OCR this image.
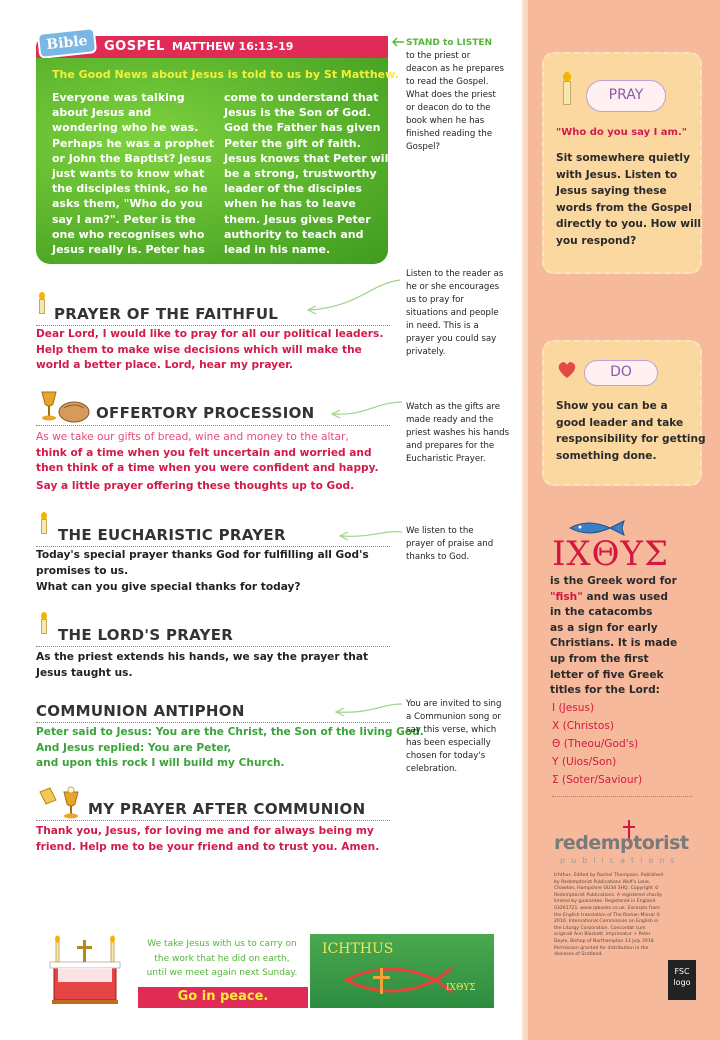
Bible	GOSPEL MATTHEW 16:13-19
The Good News about Jesus is told to us by St Matthew.
Everyone was talking
about Jesus and
wondering who he was.
Perhaps he was a prophet
or John the Baptist? Jesus
just wants to know what
the disciples think, so he
asks them, "Who do you
say I am?". Peter is the
one who recognises who
Jesus really is. Peter has
come to understand that
Jesus is the Son of God.
God the Father has given
Peter the gift of faith.
Jesus knows that Peter will
be a strong, trustworthy
leader of the disciples
when he has to leave
them. Jesus gives Peter
authority to teach and
lead in his name.
STAND to LISTEN
to the priest or
deacon as he prepares
to read the Gospel.
What does the priest
or deacon do to the
book when he has
finished reading the
Gospel?
PRAYER OF THE FAITHFUL
Dear Lord, I would like to pray for all our political leaders.
Help them to make wise decisions which will make the
world a better place. Lord, hear my prayer.
Listen to the reader as
he or she encourages
us to pray for
situations and people
in need. This is a
prayer you could say
privately.
OFFERTORY PROCESSION
As we take our gifts of bread, wine and money to the altar,
think of a time when you felt uncertain and worried and
then think of a time when you were confident and happy.
Say a little prayer offering these thoughts up to God.
Watch as the gifts are
made ready and the
priest washes his hands
and prepares for the
Eucharistic Prayer.
THE EUCHARISTIC PRAYER
Today's special prayer thanks God for fulfilling all God's
promises to us.
What can you give special thanks for today?
We listen to the
prayer of praise and
thanks to God.
THE LORD'S PRAYER
As the priest extends his hands, we say the prayer that
Jesus taught us.
COMMUNION ANTIPHON
Peter said to Jesus: You are the Christ, the Son of the living God.
And Jesus replied: You are Peter,
and upon this rock I will build my Church.
You are invited to sing
a Communion song or
say this verse, which
has been especially
chosen for today's
celebration.
MY PRAYER AFTER COMMUNION
Thank you, Jesus, for loving me and for always being my
friend. Help me to be your friend and to trust you. Amen.
PRAY
"Who do you say I am."
Sit somewhere quietly
with Jesus. Listen to
Jesus saying these
words from the Gospel
directly to you. How will
you respond?
DO
Show you can be a
good leader and take
responsibility for getting
something done.
ΙΧΘΥΣ
is the Greek word for
"fish" and was used
in the catacombs
as a sign for early
Christians. It is made
up from the first
letter of five Greek
titles for the Lord:
Ι (Jesus)
Χ (Christos)
Θ (Theou/God's)
Υ (Uios/Son)
Σ (Soter/Saviour)
redemptorist
publications
Ichthus. Edited by Rachel Thompson. Published by Redemptorist Publications Wolf's Lane, Chawton, Hampshire GU34 3HQ. Copyright © Redemptorist Publications. A registered charity limited by guarantee. Registered in England 03261721. www.rpbooks.co.uk. Excerpts from the English translation of The Roman Missal © 2010, International Commission on English in the Liturgy Corporation. Concordat cum originali Ann Blackett. Imprimatur + Peter Doyle, Bishop of Northampton 13 July 2018. Permission granted for distribution in the dioceses of Scotland.
FSC logo
We take Jesus with us to carry on
the work that he did on earth,
until we meet again next Sunday.
Go in peace.
ICHTHUS
ΙΧΘΥΣ
